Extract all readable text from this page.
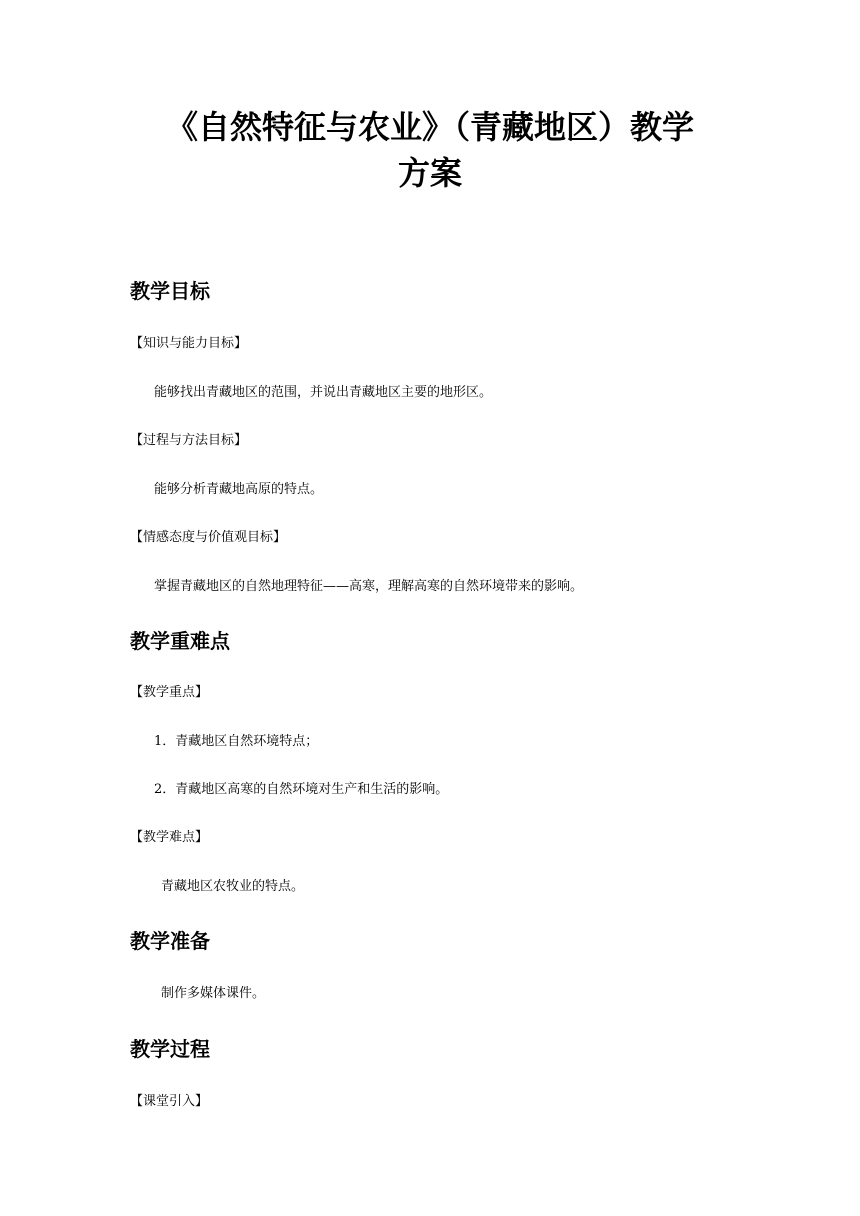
《自然特征与农业》（青藏地区）教学
方案
教学目标

【知识与能力目标】

能够找出青藏地区的范围，并说出青藏地区主要的地形区。

【过程与方法目标】

能够分析青藏地高原的特点。

【情感态度与价值观目标】

掌握青藏地区的自然地理特征——高寒，理解高寒的自然环境带来的影响。

教学重难点

【教学重点】

1．青藏地区自然环境特点；

2．青藏地区高寒的自然环境对生产和生活的影响。

【教学难点】

青藏地区农牧业的特点。

教学准备

制作多媒体课件。

教学过程

【课堂引入】
